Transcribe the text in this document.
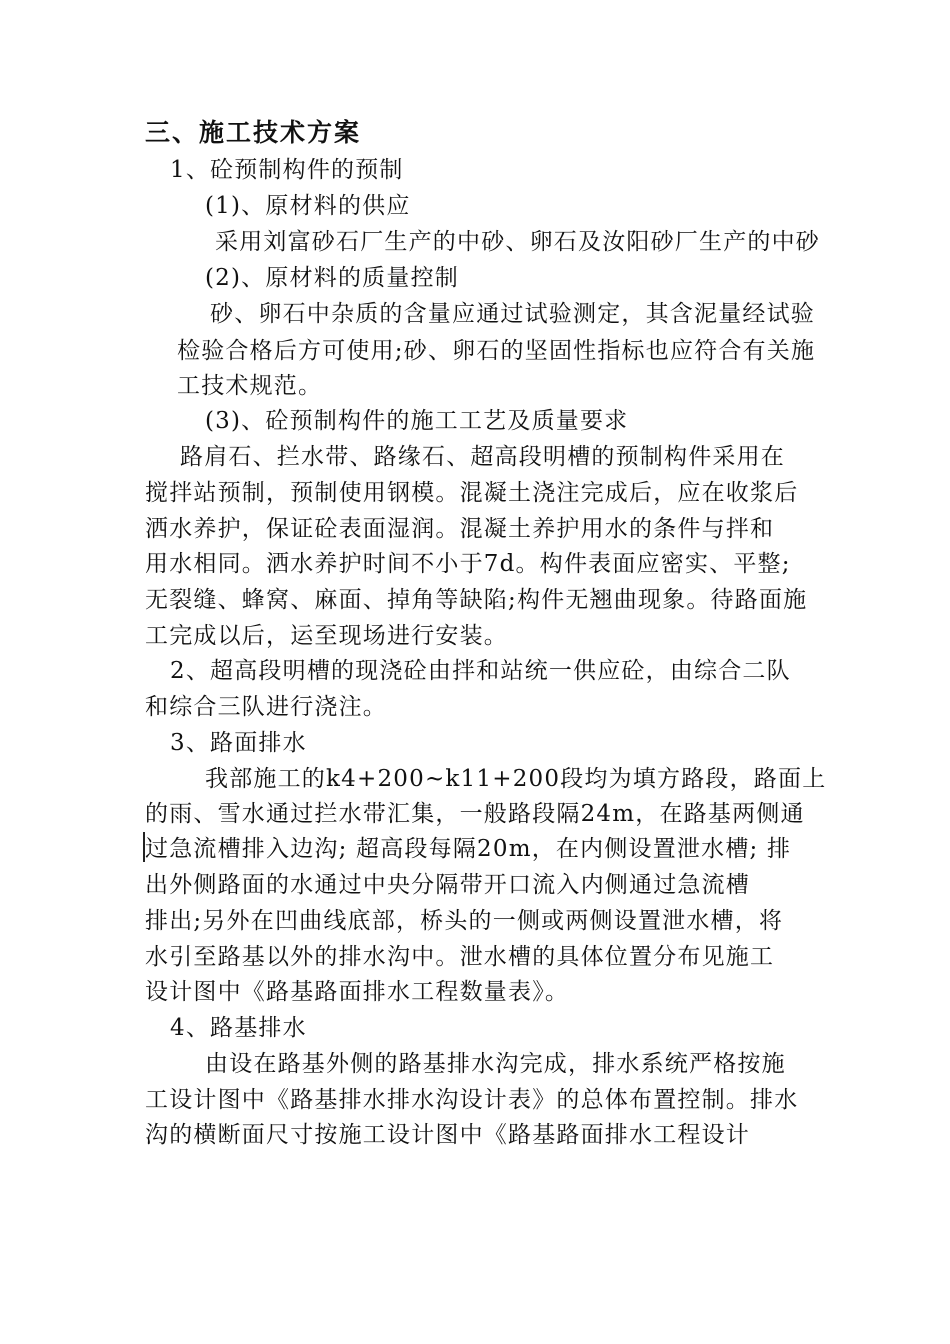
三、施工技术方案
1、砼预制构件的预制
(1)、原材料的供应
采用刘富砂石厂生产的中砂、卵石及汝阳砂厂生产的中砂
(2)、原材料的质量控制
砂、卵石中杂质的含量应通过试验测定，其含泥量经试验
检验合格后方可使用;砂、卵石的坚固性指标也应符合有关施
工技术规范。
(3)、砼预制构件的施工工艺及质量要求
路肩石、拦水带、路缘石、超高段明槽的预制构件采用在
搅拌站预制，预制使用钢模。混凝土浇注完成后，应在收浆后
洒水养护，保证砼表面湿润。混凝土养护用水的条件与拌和
用水相同。洒水养护时间不小于7d。构件表面应密实、平整;
无裂缝、蜂窝、麻面、掉角等缺陷;构件无翘曲现象。待路面施
工完成以后，运至现场进行安装。
2、超高段明槽的现浇砼由拌和站统一供应砼，由综合二队
和综合三队进行浇注。
3、路面排水
我部施工的k4+200~k11+200段均为填方路段，路面上
的雨、雪水通过拦水带汇集，一般路段隔24m，在路基两侧通
过急流槽排入边沟; 超高段每隔20m，在内侧设置泄水槽; 排
出外侧路面的水通过中央分隔带开口流入内侧通过急流槽
排出;另外在凹曲线底部，桥头的一侧或两侧设置泄水槽，将
水引至路基以外的排水沟中。泄水槽的具体位置分布见施工
设计图中《路基路面排水工程数量表》。
4、路基排水
由设在路基外侧的路基排水沟完成，排水系统严格按施
工设计图中《路基排水排水沟设计表》的总体布置控制。排水
沟的横断面尺寸按施工设计图中《路基路面排水工程设计
